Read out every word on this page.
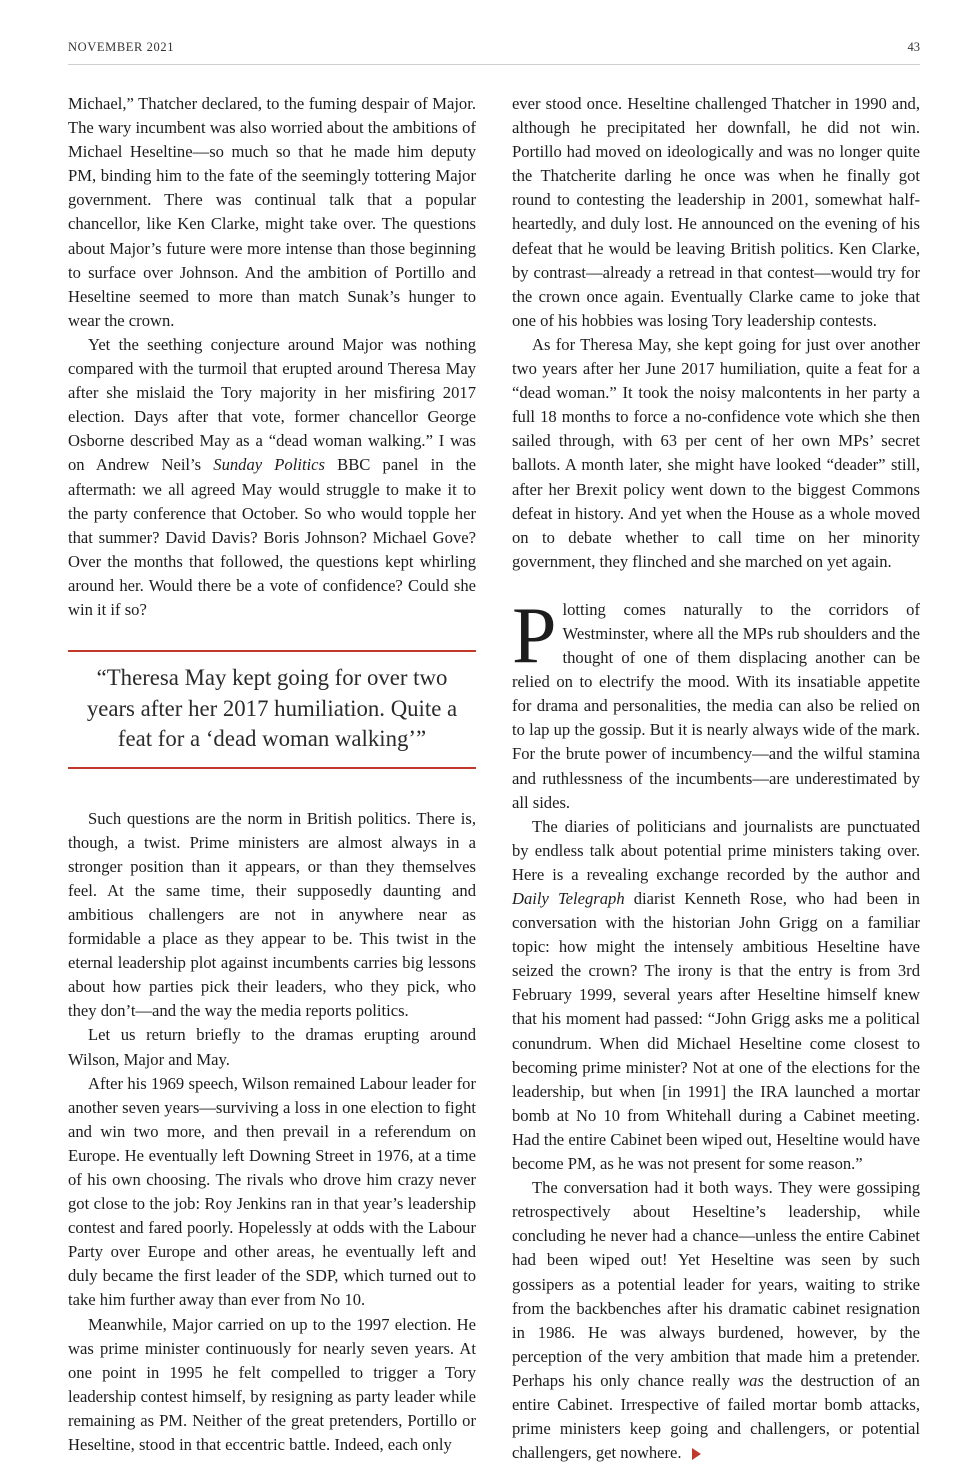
NOVEMBER 2021	43

Michael,” Thatcher declared, to the fuming despair of Major. The wary incumbent was also worried about the ambitions of Michael Heseltine—so much so that he made him deputy PM, binding him to the fate of the seemingly tottering Major government. There was continual talk that a popular chancellor, like Ken Clarke, might take over. The questions about Major’s future were more intense than those beginning to surface over Johnson. And the ambition of Portillo and Heseltine seemed to more than match Sunak’s hunger to wear the crown.

Yet the seething conjecture around Major was nothing compared with the turmoil that erupted around Theresa May after she mislaid the Tory majority in her misfiring 2017 election. Days after that vote, former chancellor George Osborne described May as a “dead woman walking.” I was on Andrew Neil’s Sunday Politics BBC panel in the aftermath: we all agreed May would struggle to make it to the party conference that October. So who would topple her that summer? David Davis? Boris Johnson? Michael Gove? Over the months that followed, the questions kept whirling around her. Would there be a vote of confidence? Could she win it if so?

“Theresa May kept going for over two years after her 2017 humiliation. Quite a feat for a ‘dead woman walking’”

Such questions are the norm in British politics. There is, though, a twist. Prime ministers are almost always in a stronger position than it appears, or than they themselves feel. At the same time, their supposedly daunting and ambitious challengers are not in anywhere near as formidable a place as they appear to be. This twist in the eternal leadership plot against incumbents carries big lessons about how parties pick their leaders, who they pick, who they don’t—and the way the media reports politics.

Let us return briefly to the dramas erupting around Wilson, Major and May.

After his 1969 speech, Wilson remained Labour leader for another seven years—surviving a loss in one election to fight and win two more, and then prevail in a referendum on Europe. He eventually left Downing Street in 1976, at a time of his own choosing. The rivals who drove him crazy never got close to the job: Roy Jenkins ran in that year’s leadership contest and fared poorly. Hopelessly at odds with the Labour Party over Europe and other areas, he eventually left and duly became the first leader of the SDP, which turned out to take him further away than ever from No 10.

Meanwhile, Major carried on up to the 1997 election. He was prime minister continuously for nearly seven years. At one point in 1995 he felt compelled to trigger a Tory leadership contest himself, by resigning as party leader while remaining as PM. Neither of the great pretenders, Portillo or Heseltine, stood in that eccentric battle. Indeed, each only

ever stood once. Heseltine challenged Thatcher in 1990 and, although he precipitated her downfall, he did not win. Portillo had moved on ideologically and was no longer quite the Thatcherite darling he once was when he finally got round to contesting the leadership in 2001, somewhat half-heartedly, and duly lost. He announced on the evening of his defeat that he would be leaving British politics. Ken Clarke, by contrast—already a retread in that contest—would try for the crown once again. Eventually Clarke came to joke that one of his hobbies was losing Tory leadership contests.

As for Theresa May, she kept going for just over another two years after her June 2017 humiliation, quite a feat for a “dead woman.” It took the noisy malcontents in her party a full 18 months to force a no-confidence vote which she then sailed through, with 63 per cent of her own MPs’ secret ballots. A month later, she might have looked “deader” still, after her Brexit policy went down to the biggest Commons defeat in history. And yet when the House as a whole moved on to debate whether to call time on her minority government, they flinched and she marched on yet again.

Plotting comes naturally to the corridors of Westminster, where all the MPs rub shoulders and the thought of one of them displacing another can be relied on to electrify the mood. With its insatiable appetite for drama and personalities, the media can also be relied on to lap up the gossip. But it is nearly always wide of the mark. For the brute power of incumbency—and the wilful stamina and ruthlessness of the incumbents—are underestimated by all sides.

The diaries of politicians and journalists are punctuated by endless talk about potential prime ministers taking over. Here is a revealing exchange recorded by the author and Daily Telegraph diarist Kenneth Rose, who had been in conversation with the historian John Grigg on a familiar topic: how might the intensely ambitious Heseltine have seized the crown? The irony is that the entry is from 3rd February 1999, several years after Heseltine himself knew that his moment had passed: “John Grigg asks me a political conundrum. When did Michael Heseltine come closest to becoming prime minister? Not at one of the elections for the leadership, but when [in 1991] the IRA launched a mortar bomb at No 10 from Whitehall during a Cabinet meeting. Had the entire Cabinet been wiped out, Heseltine would have become PM, as he was not present for some reason.”

The conversation had it both ways. They were gossiping retrospectively about Heseltine’s leadership, while concluding he never had a chance—unless the entire Cabinet had been wiped out! Yet Heseltine was seen by such gossipers as a potential leader for years, waiting to strike from the backbenches after his dramatic cabinet resignation in 1986. He was always burdened, however, by the perception of the very ambition that made him a pretender. Perhaps his only chance really was the destruction of an entire Cabinet. Irrespective of failed mortar bomb attacks, prime ministers keep going and challengers, or potential challengers, get nowhere.
